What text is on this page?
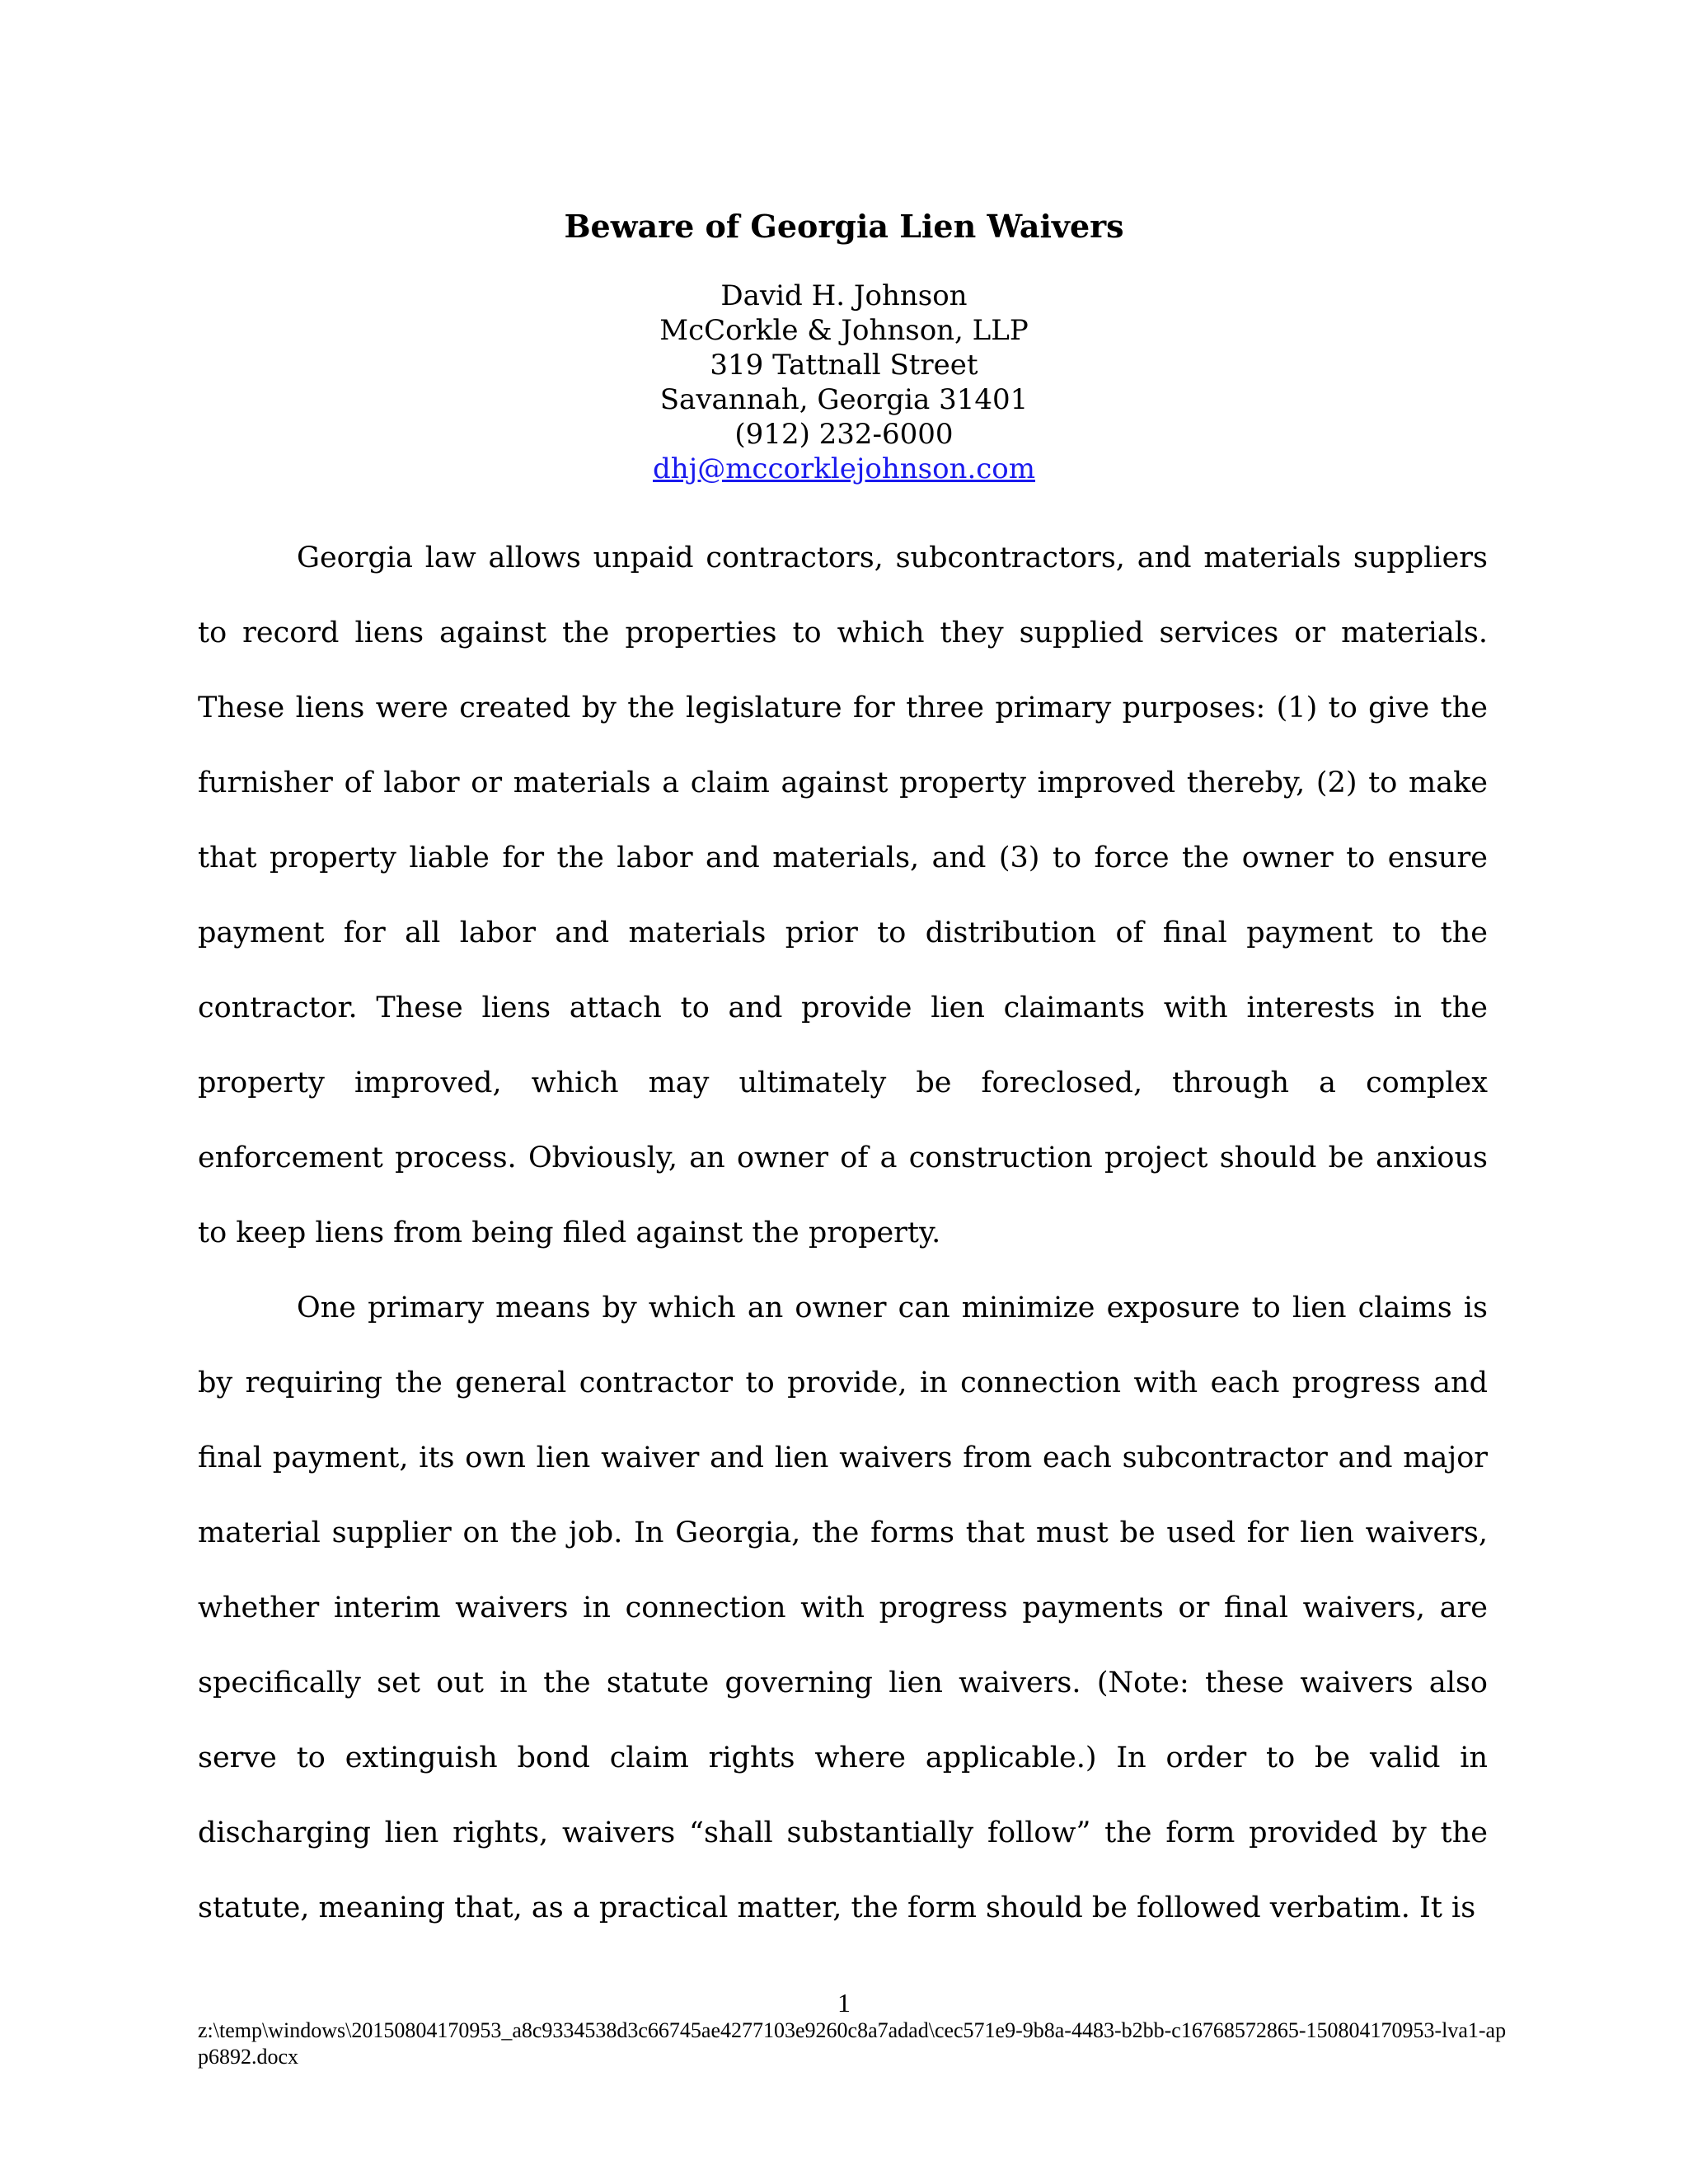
Beware of Georgia Lien Waivers
David H. Johnson
McCorkle & Johnson, LLP
319 Tattnall Street
Savannah, Georgia 31401
(912) 232-6000
dhj@mccorklejohnson.com

Georgia law allows unpaid contractors, subcontractors, and materials suppliers to record liens against the properties to which they supplied services or materials. These liens were created by the legislature for three primary purposes: (1) to give the furnisher of labor or materials a claim against property improved thereby, (2) to make that property liable for the labor and materials, and (3) to force the owner to ensure payment for all labor and materials prior to distribution of final payment to the contractor. These liens attach to and provide lien claimants with interests in the property improved, which may ultimately be foreclosed, through a complex enforcement process. Obviously, an owner of a construction project should be anxious to keep liens from being filed against the property.

One primary means by which an owner can minimize exposure to lien claims is by requiring the general contractor to provide, in connection with each progress and final payment, its own lien waiver and lien waivers from each subcontractor and major material supplier on the job. In Georgia, the forms that must be used for lien waivers, whether interim waivers in connection with progress payments or final waivers, are specifically set out in the statute governing lien waivers. (Note: these waivers also serve to extinguish bond claim rights where applicable.) In order to be valid in discharging lien rights, waivers “shall substantially follow” the form provided by the statute, meaning that, as a practical matter, the form should be followed verbatim. It is

1
z:\temp\windows\20150804170953_a8c9334538d3c66745ae4277103e9260c8a7adad\cec571e9-9b8a-4483-b2bb-c16768572865-150804170953-lva1-app6892.docx
